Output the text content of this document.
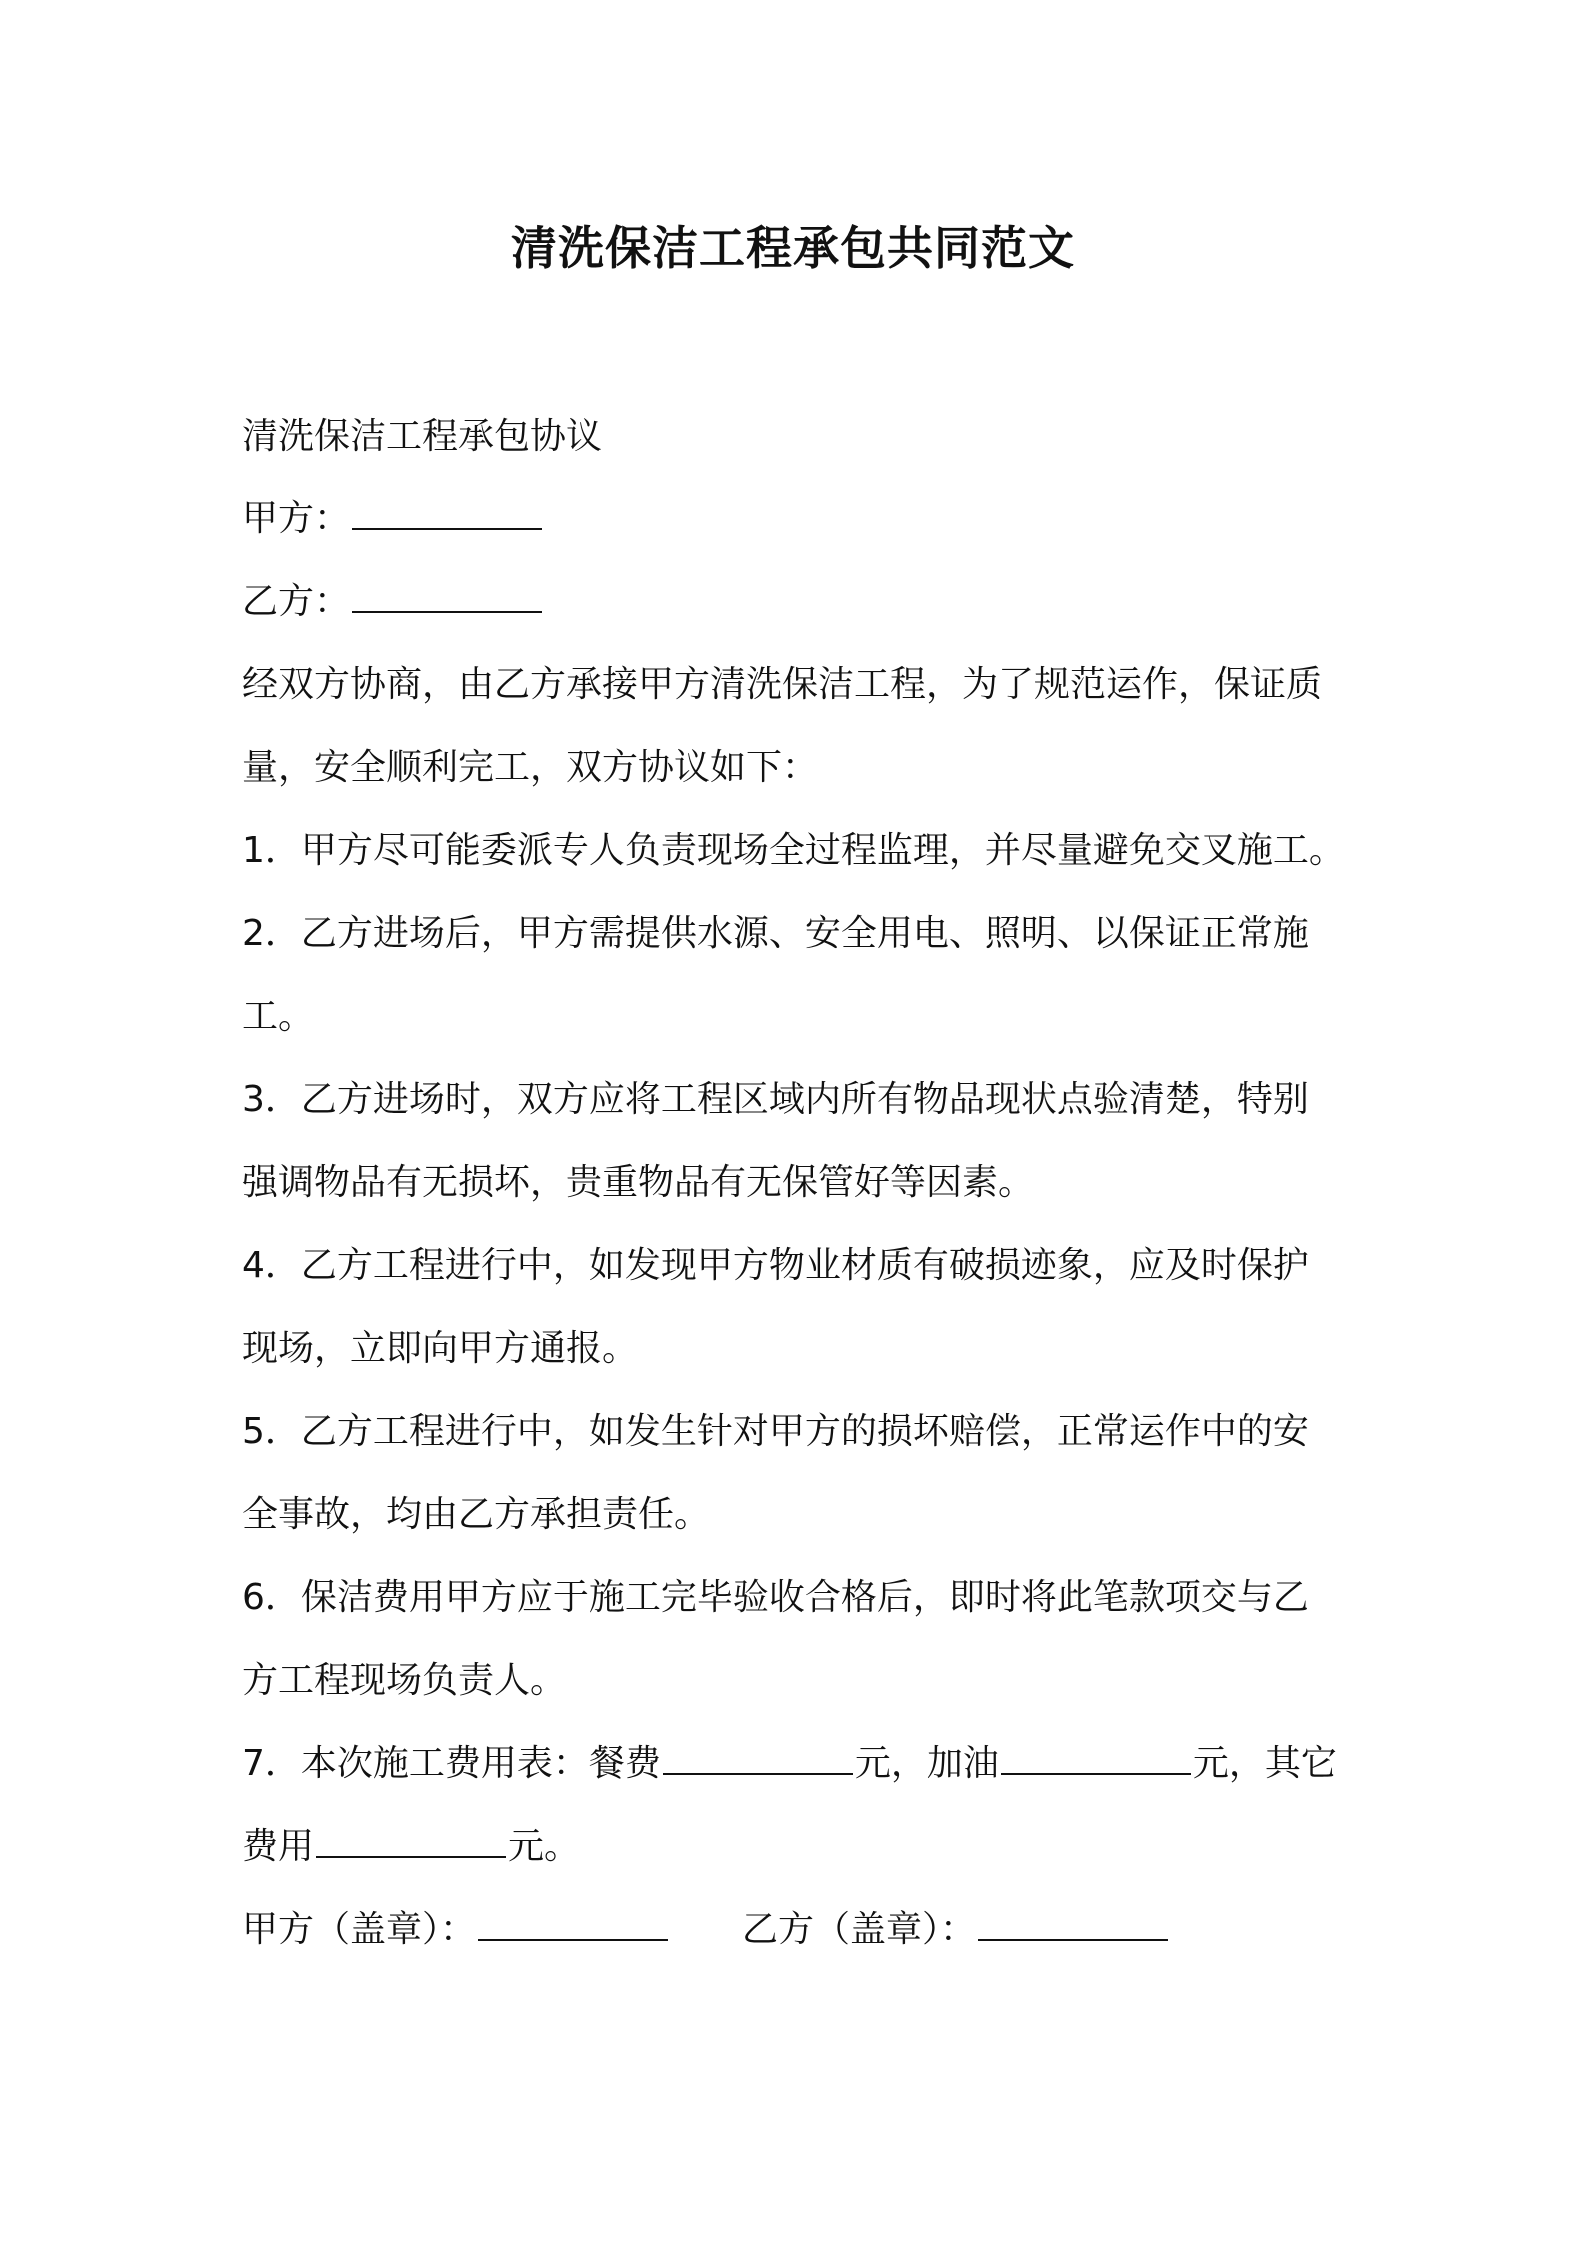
清洗保洁工程承包共同范文
清洗保洁工程承包协议
甲方：
乙方：
经双方协商，由乙方承接甲方清洗保洁工程，为了规范运作，保证质
量，安全顺利完工，双方协议如下：
1．甲方尽可能委派专人负责现场全过程监理，并尽量避免交叉施工。
2．乙方进场后，甲方需提供水源、安全用电、照明、以保证正常施
工。
3．乙方进场时，双方应将工程区域内所有物品现状点验清楚，特别
强调物品有无损坏，贵重物品有无保管好等因素。
4．乙方工程进行中，如发现甲方物业材质有破损迹象，应及时保护
现场，立即向甲方通报。
5．乙方工程进行中，如发生针对甲方的损坏赔偿，正常运作中的安
全事故，均由乙方承担责任。
6．保洁费用甲方应于施工完毕验收合格后，即时将此笔款项交与乙
方工程现场负责人。
7．本次施工费用表：餐费	元，加油	元，其它
费用	元。
甲方（盖章）：	乙方（盖章）：
